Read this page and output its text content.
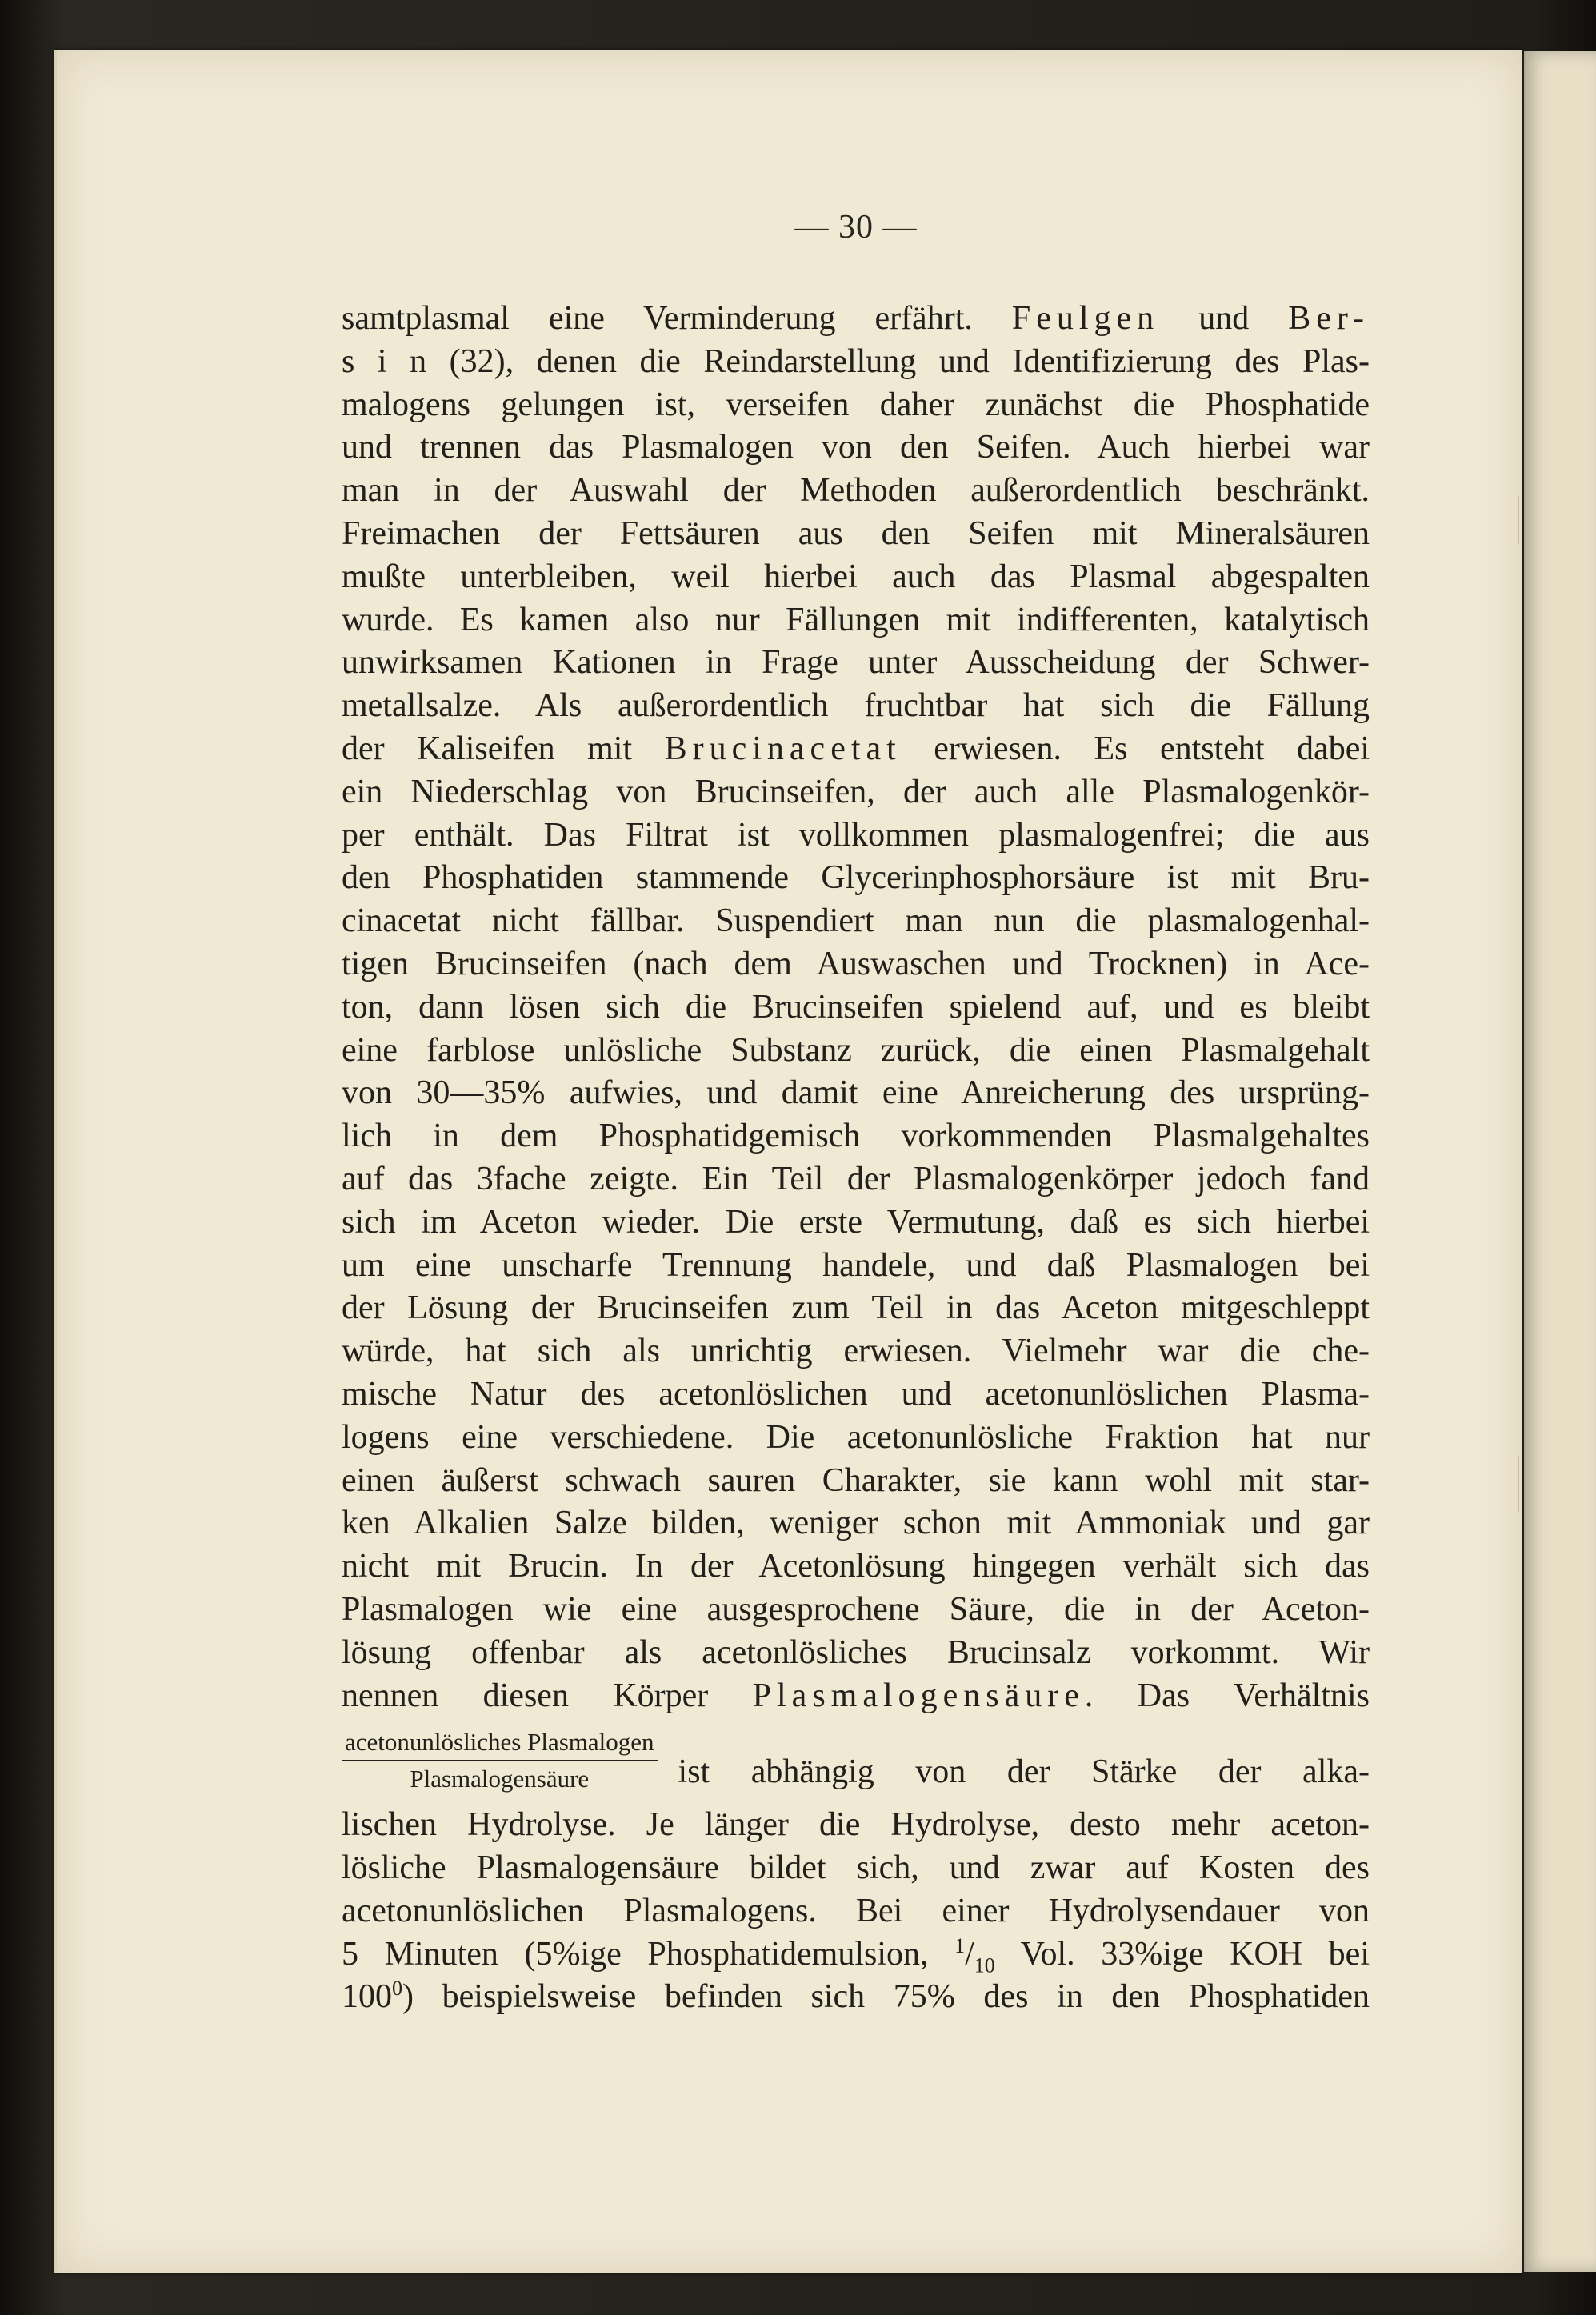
— 30 —
samtplasmal eine Verminderung erfährt. Feulgen und Ber-
s i n (32), denen die Reindarstellung und Identifizierung des Plas-
malogens gelungen ist, verseifen daher zunächst die Phosphatide
und trennen das Plasmalogen von den Seifen. Auch hierbei war
man in der Auswahl der Methoden außerordentlich beschränkt.
Freimachen der Fettsäuren aus den Seifen mit Mineralsäuren
mußte unterbleiben, weil hierbei auch das Plasmal abgespalten
wurde. Es kamen also nur Fällungen mit indifferenten, katalytisch
unwirksamen Kationen in Frage unter Ausscheidung der Schwer-
metallsalze. Als außerordentlich fruchtbar hat sich die Fällung
der Kaliseifen mit Brucinacetat erwiesen. Es entsteht dabei
ein Niederschlag von Brucinseifen, der auch alle Plasmalogenkör-
per enthält. Das Filtrat ist vollkommen plasmalogenfrei; die aus
den Phosphatiden stammende Glycerinphosphorsäure ist mit Bru-
cinacetat nicht fällbar. Suspendiert man nun die plasmalogenhal-
tigen Brucinseifen (nach dem Auswaschen und Trocknen) in Ace-
ton, dann lösen sich die Brucinseifen spielend auf, und es bleibt
eine farblose unlösliche Substanz zurück, die einen Plasmalgehalt
von 30—35% aufwies, und damit eine Anreicherung des ursprüng-
lich in dem Phosphatidgemisch vorkommenden Plasmalgehaltes
auf das 3fache zeigte. Ein Teil der Plasmalogenkörper jedoch fand
sich im Aceton wieder. Die erste Vermutung, daß es sich hierbei
um eine unscharfe Trennung handele, und daß Plasmalogen bei
der Lösung der Brucinseifen zum Teil in das Aceton mitgeschleppt
würde, hat sich als unrichtig erwiesen. Vielmehr war die che-
mische Natur des acetonlöslichen und acetonunlöslichen Plasma-
logens eine verschiedene. Die acetonunlösliche Fraktion hat nur
einen äußerst schwach sauren Charakter, sie kann wohl mit star-
ken Alkalien Salze bilden, weniger schon mit Ammoniak und gar
nicht mit Brucin. In der Acetonlösung hingegen verhält sich das
Plasmalogen wie eine ausgesprochene Säure, die in der Aceton-
lösung offenbar als acetonlösliches Brucinsalz vorkommt. Wir
nennen diesen Körper Plasmalogensäure. Das Verhältnis
$\frac{\text{acetonunlösliches Plasmalogen}}{\text{Plasmalogensäure}}$ ist abhängig von der Stärke der alka-
lischen Hydrolyse. Je länger die Hydrolyse, desto mehr aceton-
lösliche Plasmalogensäure bildet sich, und zwar auf Kosten des
acetonunlöslichen Plasmalogens. Bei einer Hydrolysendauer von
5 Minuten (5%ige Phosphatidemulsion, $^1/_{10}$ Vol. 33%ige KOH bei
$100^0$) beispielsweise befinden sich 75% des in den Phosphatiden
